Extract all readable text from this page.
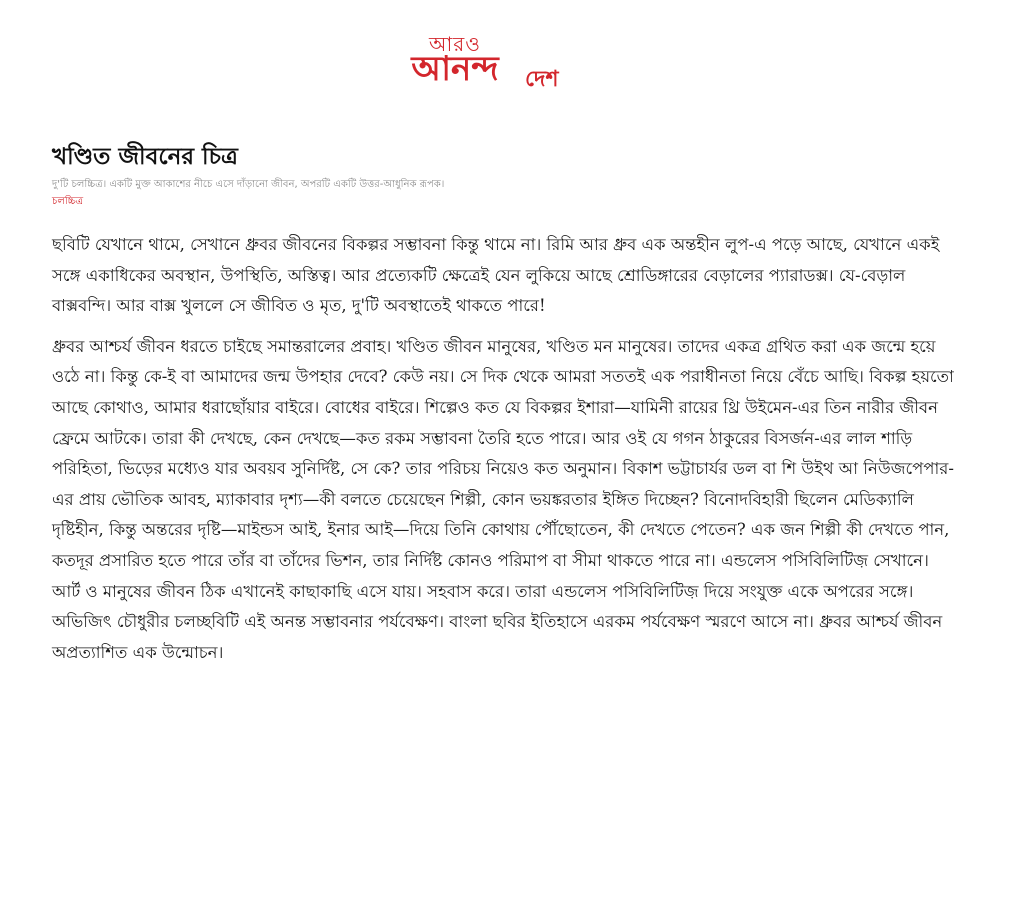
আরও
আনন্দ	দেশ
খণ্ডিত জীবনের চিত্র
দু'টি চলচ্চিত্র। একটি মুক্ত আকাশের নীচে এসে দাঁড়ানো জীবন, অপরটি একটি উত্তর-আধুনিক রূপক।
চলচ্চিত্র

ছবিটি যেখানে থামে, সেখানে ধ্রুবর জীবনের বিকল্পর সম্ভাবনা কিন্তু থামে না। রিমি আর ধ্রুব এক অন্তহীন লুপ-এ পড়ে আছে, যেখানে একই সঙ্গে একাধিকের অবস্থান, উপস্থিতি, অস্তিত্ব। আর প্রত্যেকটি ক্ষেত্রেই যেন লুকিয়ে আছে শ্রোডিঙ্গারের বেড়ালের প্যারাডক্স। যে-বেড়াল বাক্সবন্দি। আর বাক্স খুললে সে জীবিত ও মৃত, দু'টি অবস্থাতেই থাকতে পারে!

ধ্রুবর আশ্চর্য জীবন ধরতে চাইছে সমান্তরালের প্রবাহ। খণ্ডিত জীবন মানুষের, খণ্ডিত মন মানুষের। তাদের একত্র গ্রথিত করা এক জন্মে হয়ে ওঠে না। কিন্তু কে-ই বা আমাদের জন্ম উপহার দেবে? কেউ নয়। সে দিক থেকে আমরা সততই এক পরাধীনতা নিয়ে বেঁচে আছি। বিকল্প হয়তো আছে কোথাও, আমার ধরাছোঁয়ার বাইরে। বোধের বাইরে। শিল্পেও কত যে বিকল্পর ইশারা—যামিনী রায়ের থ্রি উইমেন-এর তিন নারীর জীবন ফ্রেমে আটকে। তারা কী দেখছে, কেন দেখছে—কত রকম সম্ভাবনা তৈরি হতে পারে। আর ওই যে গগন ঠাকুরের বিসর্জন-এর লাল শাড়ি পরিহিতা, ভিড়ের মধ্যেও যার অবয়ব সুনির্দিষ্ট, সে কে? তার পরিচয় নিয়েও কত অনুমান। বিকাশ ভট্টাচার্যর ডল বা শি উইথ আ নিউজপেপার-এর প্রায় ভৌতিক আবহ, ম্যাকাবার দৃশ্য—কী বলতে চেয়েছেন শিল্পী, কোন ভয়ঙ্করতার ইঙ্গিত দিচ্ছেন? বিনোদবিহারী ছিলেন মেডিক্যালি দৃষ্টিহীন, কিন্তু অন্তরের দৃষ্টি—মাইন্ডস আই, ইনার আই—দিয়ে তিনি কোথায় পৌঁছোতেন, কী দেখতে পেতেন? এক জন শিল্পী কী দেখতে পান, কতদূর প্রসারিত হতে পারে তাঁর বা তাঁদের ভিশন, তার নির্দিষ্ট কোনও পরিমাপ বা সীমা থাকতে পারে না। এন্ডলেস পসিবিলিটিজ় সেখানে। আর্ট ও মানুষের জীবন ঠিক এখানেই কাছাকাছি এসে যায়। সহবাস করে। তারা এন্ডলেস পসিবিলিটিজ় দিয়ে সংযুক্ত একে অপরের সঙ্গে। অভিজিৎ চৌধুরীর চলচ্ছবিটি এই অনন্ত সম্ভাবনার পর্যবেক্ষণ। বাংলা ছবির ইতিহাসে এরকম পর্যবেক্ষণ স্মরণে আসে না। ধ্রুবর আশ্চর্য জীবন অপ্রত্যাশিত এক উন্মোচন।
